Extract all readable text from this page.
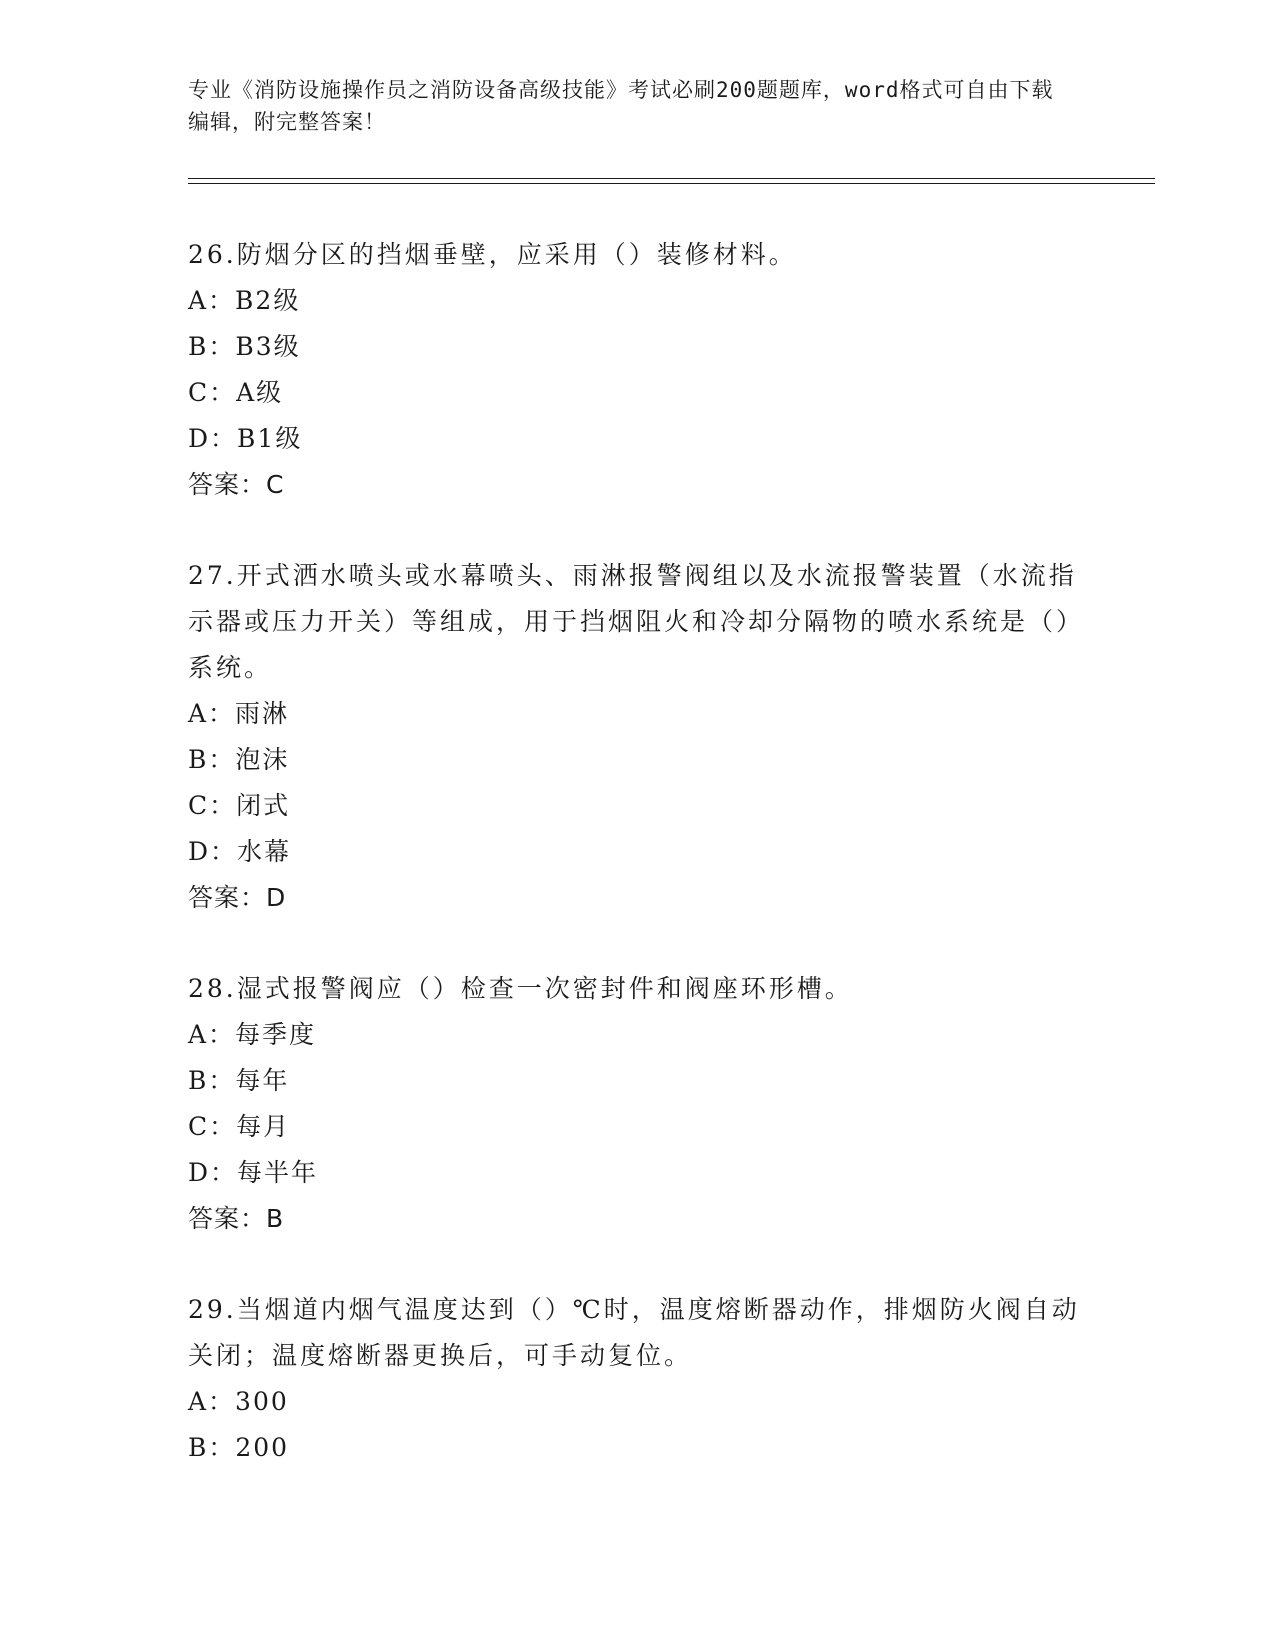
专业《消防设施操作员之消防设备高级技能》考试必刷200题题库，word格式可自由下载编辑，附完整答案！

26.防烟分区的挡烟垂壁，应采用（）装修材料。

A：B2级

B：B3级

C：A级

D：B1级

答案：C

27.开式洒水喷头或水幕喷头、雨淋报警阀组以及水流报警装置（水流指示器或压力开关）等组成，用于挡烟阻火和冷却分隔物的喷水系统是（）系统。

A：雨淋

B：泡沫

C：闭式

D：水幕

答案：D

28.湿式报警阀应（）检查一次密封件和阀座环形槽。

A：每季度

B：每年

C：每月

D：每半年

答案：B

29.当烟道内烟气温度达到（）℃时，温度熔断器动作，排烟防火阀自动关闭；温度熔断器更换后，可手动复位。

A：300

B：200
